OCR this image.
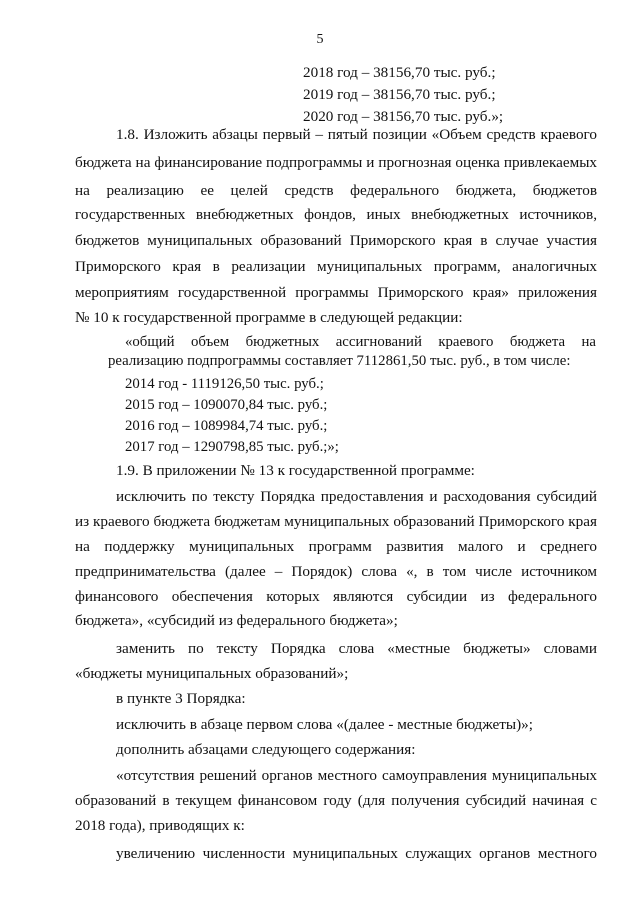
5
2018 год – 38156,70 тыс. руб.;
2019 год – 38156,70 тыс. руб.;
2020 год – 38156,70 тыс. руб.»;
1.8. Изложить абзацы первый – пятый позиции «Объем средств краевого
бюджета на финансирование подпрограммы и прогнозная оценка привлекаемых
на реализацию ее целей средств федерального бюджета, бюджетов
государственных внебюджетных фондов, иных внебюджетных источников,
бюджетов муниципальных образований Приморского края в случае участия
Приморского края в реализации муниципальных программ, аналогичных
мероприятиям государственной программы Приморского края» приложения
№ 10 к государственной программе в следующей редакции:
«общий объем бюджетных ассигнований краевого бюджета на
реализацию подпрограммы составляет 7112861,50 тыс. руб., в том числе:
2014 год - 1119126,50 тыс. руб.;
2015 год – 1090070,84 тыс. руб.;
2016 год – 1089984,74 тыс. руб.;
2017 год – 1290798,85 тыс. руб.;»;
1.9. В приложении № 13 к государственной программе:
исключить по тексту Порядка предоставления и расходования субсидий
из краевого бюджета бюджетам муниципальных образований Приморского края
на поддержку муниципальных программ развития малого и среднего
предпринимательства (далее – Порядок) слова «, в том числе источником
финансового обеспечения которых являются субсидии из федерального
бюджета», «субсидий из федерального бюджета»;
заменить по тексту Порядка слова «местные бюджеты» словами
«бюджеты муниципальных образований»;
в пункте 3 Порядка:
исключить в абзаце первом слова «(далее - местные бюджеты)»;
дополнить абзацами следующего содержания:
«отсутствия решений органов местного самоуправления муниципальных
образований в текущем финансовом году (для получения субсидий начиная с
2018 года), приводящих к:
увеличению численности муниципальных служащих органов местного
